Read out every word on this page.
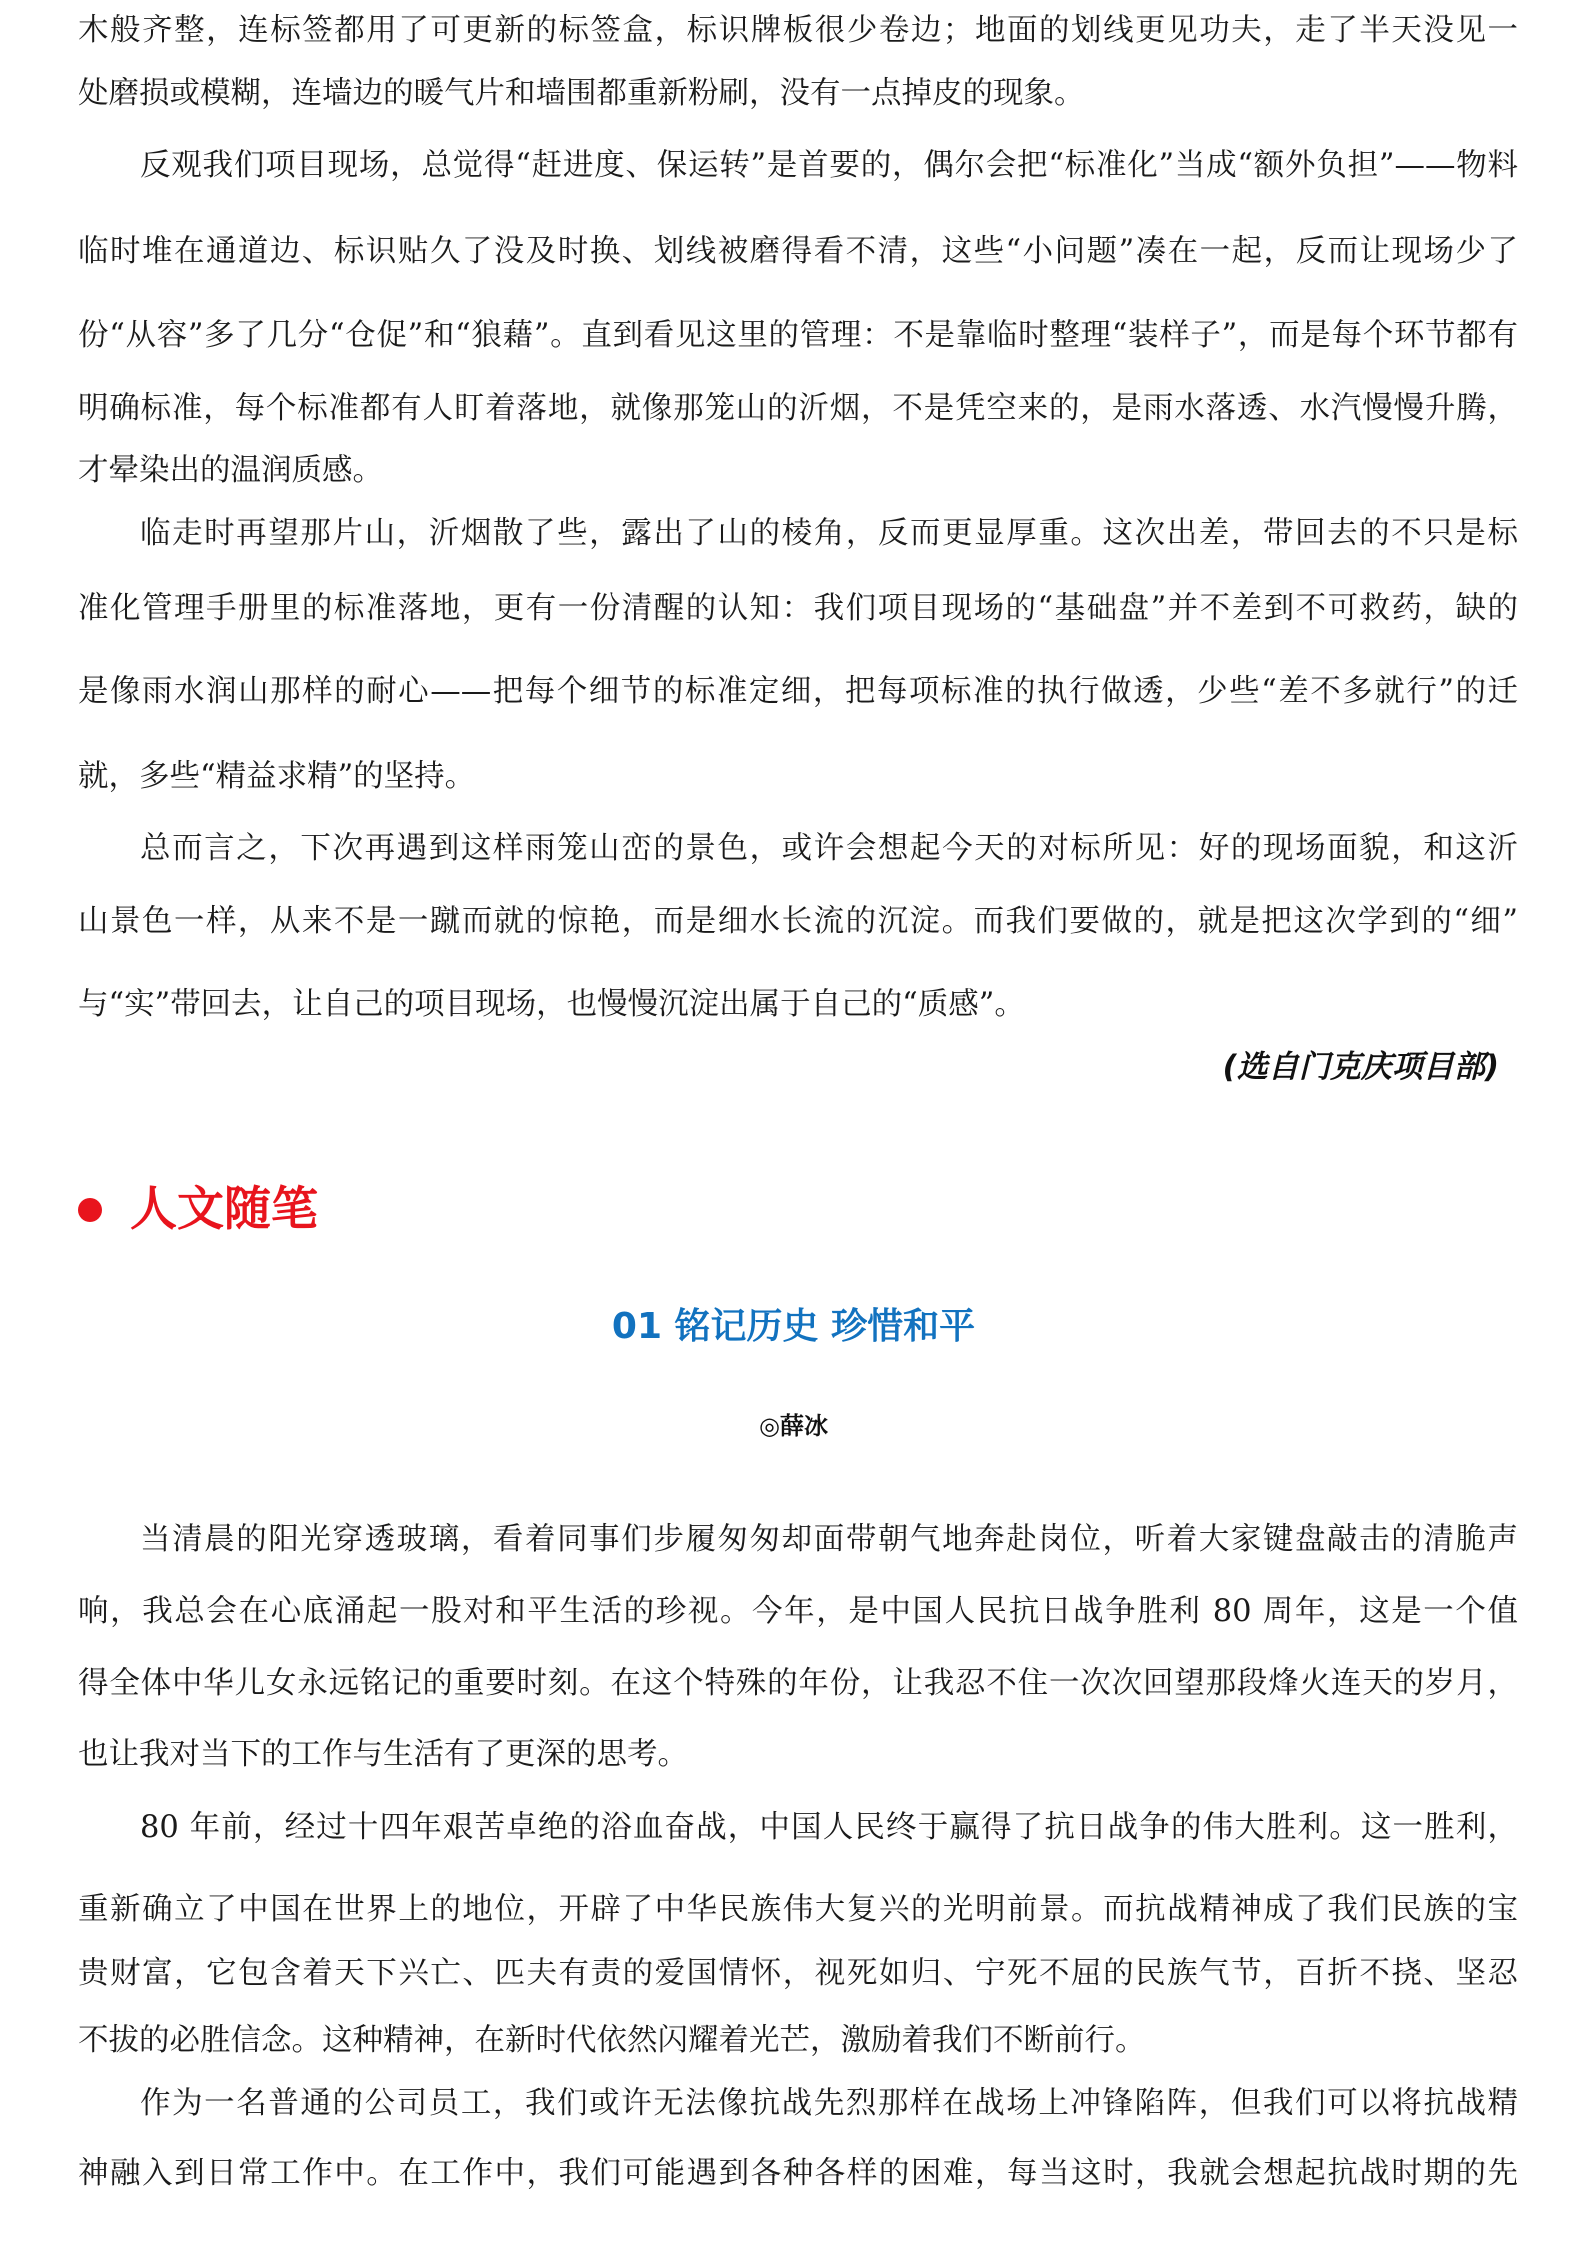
木般齐整，连标签都用了可更新的标签盒，标识牌板很少卷边；地面的划线更见功夫，走了半天没见一

处磨损或模糊，连墙边的暖气片和墙围都重新粉刷，没有一点掉皮的现象。

反观我们项目现场，总觉得“赶进度、保运转”是首要的，偶尔会把“标准化”当成“额外负担”——物料

临时堆在通道边、标识贴久了没及时换、划线被磨得看不清，这些“小问题”凑在一起，反而让现场少了

份“从容”多了几分“仓促”和“狼藉”。直到看见这里的管理：不是靠临时整理“装样子”，而是每个环节都有

明确标准，每个标准都有人盯着落地，就像那笼山的沂烟，不是凭空来的，是雨水落透、水汽慢慢升腾，

才晕染出的温润质感。

临走时再望那片山，沂烟散了些，露出了山的棱角，反而更显厚重。这次出差，带回去的不只是标

准化管理手册里的标准落地，更有一份清醒的认知：我们项目现场的“基础盘”并不差到不可救药，缺的

是像雨水润山那样的耐心——把每个细节的标准定细，把每项标准的执行做透，少些“差不多就行”的迁

就，多些“精益求精”的坚持。

总而言之，下次再遇到这样雨笼山峦的景色，或许会想起今天的对标所见：好的现场面貌，和这沂

山景色一样，从来不是一蹴而就的惊艳，而是细水长流的沉淀。而我们要做的，就是把这次学到的“细”

与“实”带回去，让自己的项目现场，也慢慢沉淀出属于自己的“质感”。

(选自门克庆项目部)
人文随笔
01 铭记历史 珍惜和平
◎薛冰

当清晨的阳光穿透玻璃，看着同事们步履匆匆却面带朝气地奔赴岗位，听着大家键盘敲击的清脆声

响，我总会在心底涌起一股对和平生活的珍视。今年，是中国人民抗日战争胜利 80 周年，这是一个值

得全体中华儿女永远铭记的重要时刻。在这个特殊的年份，让我忍不住一次次回望那段烽火连天的岁月，

也让我对当下的工作与生活有了更深的思考。

80 年前，经过十四年艰苦卓绝的浴血奋战，中国人民终于赢得了抗日战争的伟大胜利。这一胜利，

重新确立了中国在世界上的地位，开辟了中华民族伟大复兴的光明前景。而抗战精神成了我们民族的宝

贵财富，它包含着天下兴亡、匹夫有责的爱国情怀，视死如归、宁死不屈的民族气节，百折不挠、坚忍

不拔的必胜信念。这种精神，在新时代依然闪耀着光芒，激励着我们不断前行。

作为一名普通的公司员工，我们或许无法像抗战先烈那样在战场上冲锋陷阵，但我们可以将抗战精

神融入到日常工作中。在工作中，我们可能遇到各种各样的困难，每当这时，我就会想起抗战时期的先
